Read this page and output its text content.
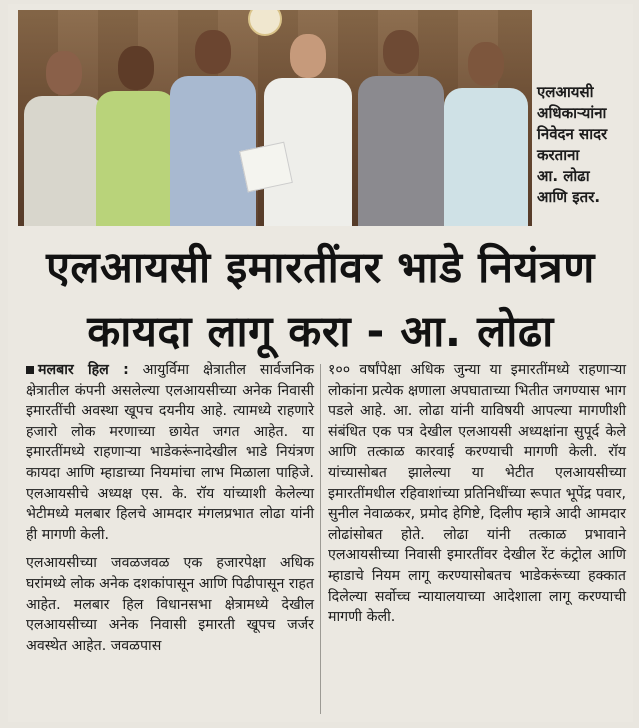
एलआयसी
अधिकाऱ्यांना
निवेदन सादर
करताना
आ. लोढा
आणि इतर.
एलआयसी इमारतींवर भाडे नियंत्रण
कायदा लागू करा - आ. लोढा

मलबार हिल : आयुर्विमा क्षेत्रातील सार्वजनिक क्षेत्रातील कंपनी असलेल्या एलआयसीच्या अनेक निवासी इमारतींची अवस्था खूपच दयनीय आहे. त्यामध्ये राहणारे हजारो लोक मरणाच्या छायेत जगत आहेत. या इमारतींमध्ये राहणाऱ्या भाडेकरूंनादेखील भाडे नियंत्रण कायदा आणि म्हाडाच्या नियमांचा लाभ मिळाला पाहिजे. एलआयसीचे अध्यक्ष एस. के. रॉय यांच्याशी केलेल्या भेटीमध्ये मलबार हिलचे आमदार मंगलप्रभात लोढा यांनी ही मागणी केली.

एलआयसीच्या जवळजवळ एक हजारपेक्षा अधिक घरांमध्ये लोक अनेक दशकांपासून आणि पिढीपासून राहत आहेत. मलबार हिल विधानसभा क्षेत्रामध्ये देखील एलआयसीच्या अनेक निवासी इमारती खूपच जर्जर अवस्थेत आहेत. जवळपास

१०० वर्षांपेक्षा अधिक जुन्या या इमारतींमध्ये राहणाऱ्या लोकांना प्रत्येक क्षणाला अपघाताच्या भितीत जगण्यास भाग पडले आहे. आ. लोढा यांनी याविषयी आपल्या मागणीशी संबंधित एक पत्र देखील एलआयसी अध्यक्षांना सुपूर्द केले आणि तत्काळ कारवाई करण्याची मागणी केली. रॉय यांच्यासोबत झालेल्या या भेटीत एलआयसीच्या इमारतींमधील रहिवाशांच्या प्रतिनिधींच्या रूपात भूपेंद्र पवार, सुनील नेवाळकर, प्रमोद हेगिष्टे, दिलीप म्हात्रे आदी आमदार लोढांसोबत होते. लोढा यांनी तत्काळ प्रभावाने एलआयसीच्या निवासी इमारतींवर देखील रेंट कंट्रोल आणि म्हाडाचे नियम लागू करण्यासोबतच भाडेकरूंच्या हक्कात दिलेल्या सर्वोच्च न्यायालयाच्या आदेशाला लागू करण्याची मागणी केली.
